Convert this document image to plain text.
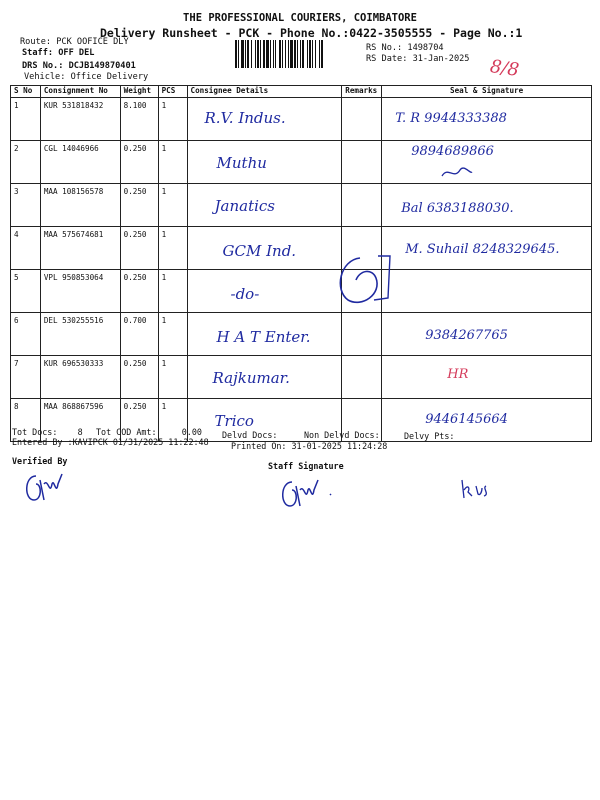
THE PROFESSIONAL COURIERS, COIMBATORE
Delivery Runsheet - PCK - Phone No.:0422-3505555 - Page No.:1
Route: PCK OOFICE DLY
Staff: OFF DEL
DRS No.: DCJB149870401
Vehicle: Office Delivery
RS No.: 1498704
RS Date: 31-Jan-2025 8/8
S No	Consignment No	Weight	PCS	Consignee Details	Remarks	Seal & Signature
1	KUR 531818432	8.100	1	R.V. Indus.		T. R 9944333388
2	CGL 14046966	0.250	1	Muthu		9894689866
3	MAA 108156578	0.250	1	Janatics		Bal 6383188030.
4	MAA 575674681	0.250	1	GCM Ind.		M. Suhail 8248329645.
5	VPL 950853064	0.250	1	-do-		
6	DEL 530255516	0.700	1	H A T Enter.		9384267765
7	KUR 696530333	0.250	1	Rajkumar.		HR
8	MAA 868867596	0.250	1	Trico		9446145664
Tot Docs: 8 Tot COD Amt:	0.00 Delvd Docs:	Non Delvd Docs:	Delvy Pts:
Entered By :KAVIPCK 01/31/2025 11:22:48	Printed On: 31-01-2025 11:24:28
Verified By	Staff Signature
